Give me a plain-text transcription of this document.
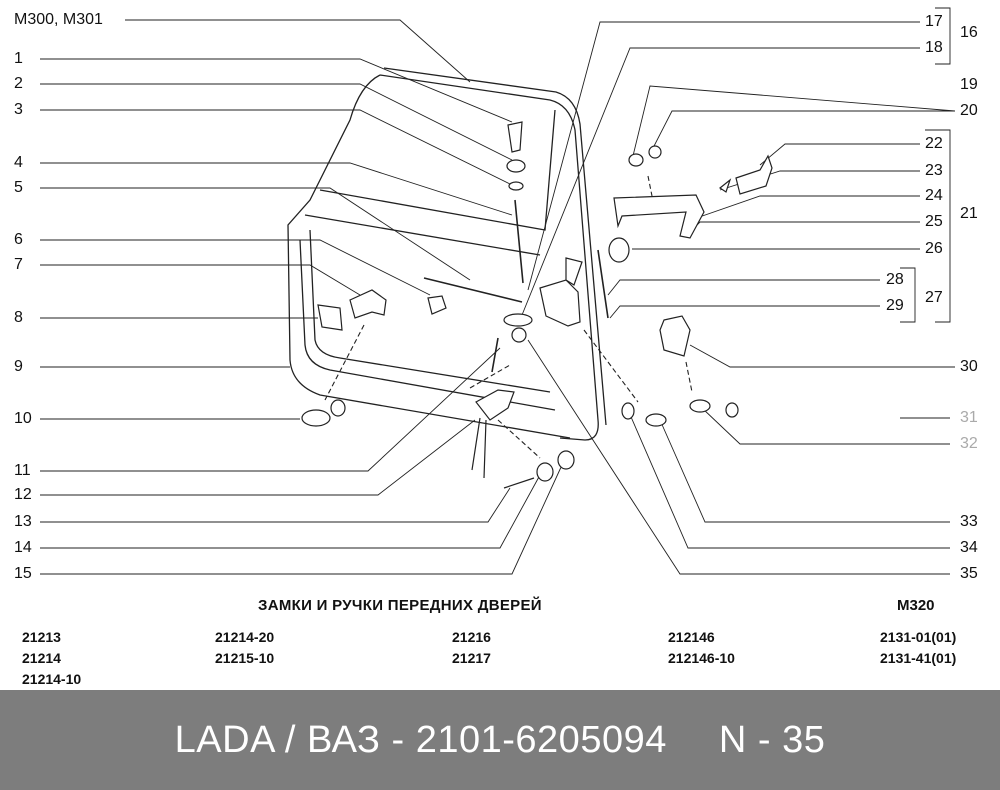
М300, М301
1
2
3
4
5
6
7
8
9
10
11
12
13
14
15
17
18
16
19
20
22
23
24
25 21
26
28
29 27
30
31
32
33
34
35
ЗАМКИ И РУЧКИ ПЕРЕДНИХ ДВЕРЕЙ	М320
21213
21214
21214-10
21214-20
21215-10
21216
21217
212146
212146-10
2131-01(01)
2131-41(01)
LADA / ВАЗ - 2101-6205094 N - 35
